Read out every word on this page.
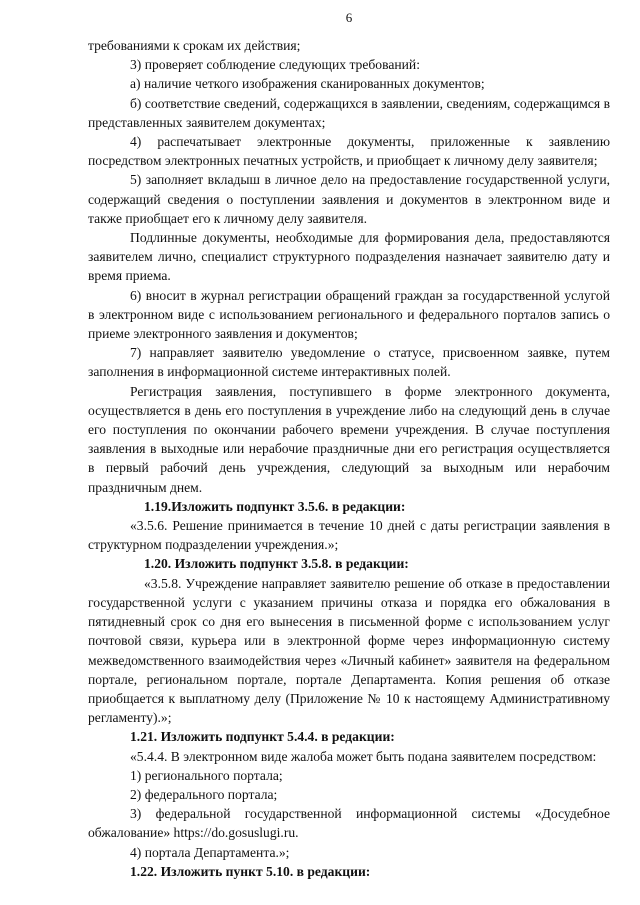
6

требованиями к срокам их действия;

3) проверяет соблюдение следующих требований:

а) наличие четкого изображения сканированных документов;

б) соответствие сведений, содержащихся в заявлении, сведениям, содержащимся в представленных заявителем документах;

4) распечатывает электронные документы, приложенные к заявлению посредством электронных печатных устройств, и приобщает к личному делу заявителя;

5) заполняет вкладыш в личное дело на предоставление государственной услуги, содержащий сведения о поступлении заявления и документов в электронном виде и также приобщает его к личному делу заявителя.

Подлинные документы, необходимые для формирования дела, предоставляются заявителем лично, специалист структурного подразделения назначает заявителю дату и время приема.

6) вносит в журнал регистрации обращений граждан за государственной услугой в электронном виде с использованием регионального и федерального порталов запись о приеме электронного заявления и документов;

7) направляет заявителю уведомление о статусе, присвоенном заявке, путем заполнения в информационной системе интерактивных полей.

Регистрация заявления, поступившего в форме электронного документа, осуществляется в день его поступления в учреждение либо на следующий день в случае его поступления по окончании рабочего времени учреждения. В случае поступления заявления в выходные или нерабочие праздничные дни его регистрация осуществляется в первый рабочий день учреждения, следующий за выходным или нерабочим праздничным днем.

1.19.Изложить подпункт 3.5.6. в редакции:

«3.5.6. Решение принимается в течение 10 дней с даты регистрации заявления в структурном подразделении учреждения.»;

1.20. Изложить подпункт 3.5.8. в редакции:

«3.5.8. Учреждение направляет заявителю решение об отказе в предоставлении государственной услуги с указанием причины отказа и порядка его обжалования в пятидневный срок со дня его вынесения в письменной форме с использованием услуг почтовой связи, курьера или в электронной форме через информационную систему межведомственного взаимодействия через «Личный кабинет» заявителя на федеральном портале, региональном портале, портале Департамента. Копия решения об отказе приобщается к выплатному делу (Приложение № 10 к настоящему Административному регламенту).»;

1.21. Изложить подпункт 5.4.4. в редакции:

«5.4.4. В электронном виде жалоба может быть подана заявителем посредством:

1) регионального портала;

2) федерального портала;

3) федеральной государственной информационной системы «Досудебное обжалование» https://do.gosuslugi.ru.

4) портала Департамента.»;

1.22. Изложить пункт 5.10. в редакции:
